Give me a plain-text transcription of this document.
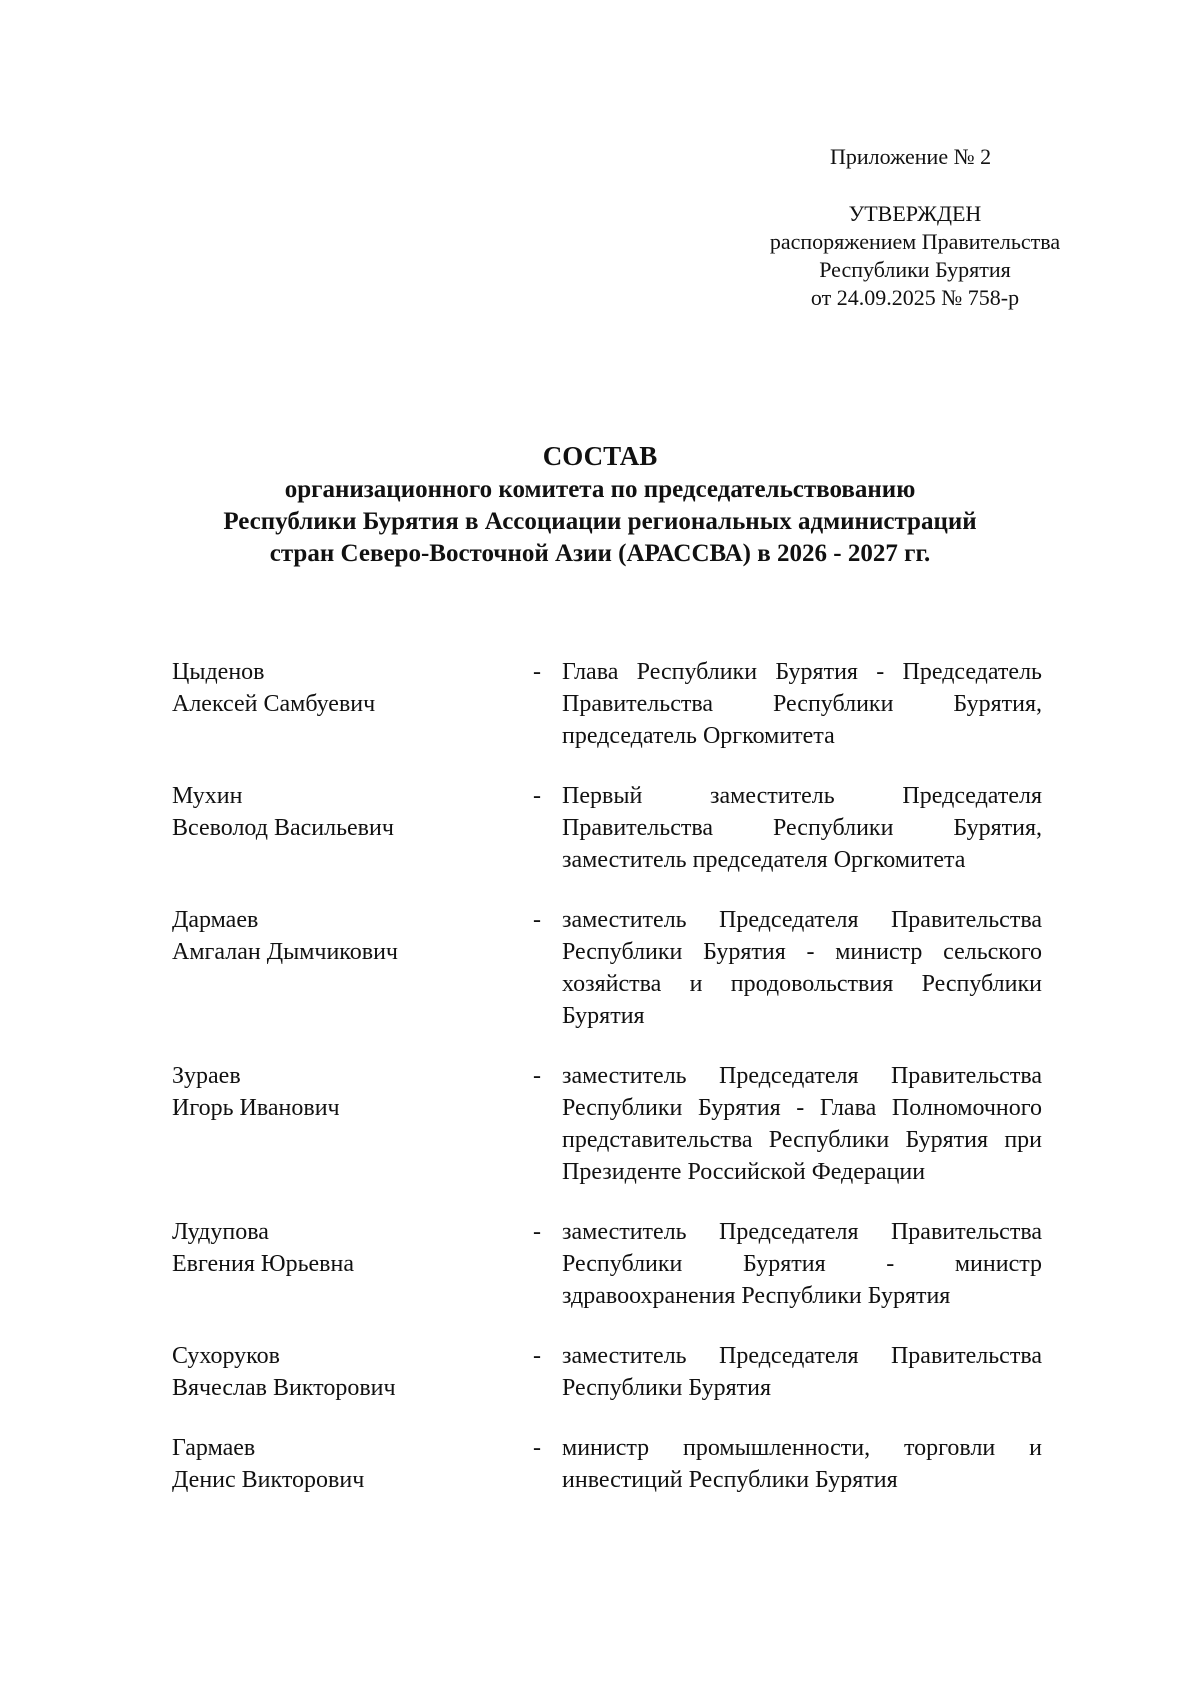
Приложение № 2
УТВЕРЖДЕН
распоряжением Правительства
Республики Бурятия
от 24.09.2025 № 758-р
СОСТАВ
организационного комитета по председательствованию
Республики Бурятия в Ассоциации региональных администраций
стран Северо-Восточной Азии (АРАССВА) в 2026 - 2027 гг.
Цыденов
Алексей Самбуевич
- Глава Республики Бурятия - Председатель Правительства Республики Бурятия, председатель Оргкомитета
Мухин
Всеволод Васильевич
- Первый заместитель Председателя Правительства Республики Бурятия, заместитель председателя Оргкомитета
Дармаев
Амгалан Дымчикович
- заместитель Председателя Правительства Республики Бурятия - министр сельского хозяйства и продовольствия Республики Бурятия
Зураев
Игорь Иванович
- заместитель Председателя Правительства Республики Бурятия - Глава Полномочного представительства Республики Бурятия при Президенте Российской Федерации
Лудупова
Евгения Юрьевна
- заместитель Председателя Правительства Республики Бурятия - министр здравоохранения Республики Бурятия
Сухоруков
Вячеслав Викторович
- заместитель Председателя Правительства Республики Бурятия
Гармаев
Денис Викторович
- министр промышленности, торговли и инвестиций Республики Бурятия
